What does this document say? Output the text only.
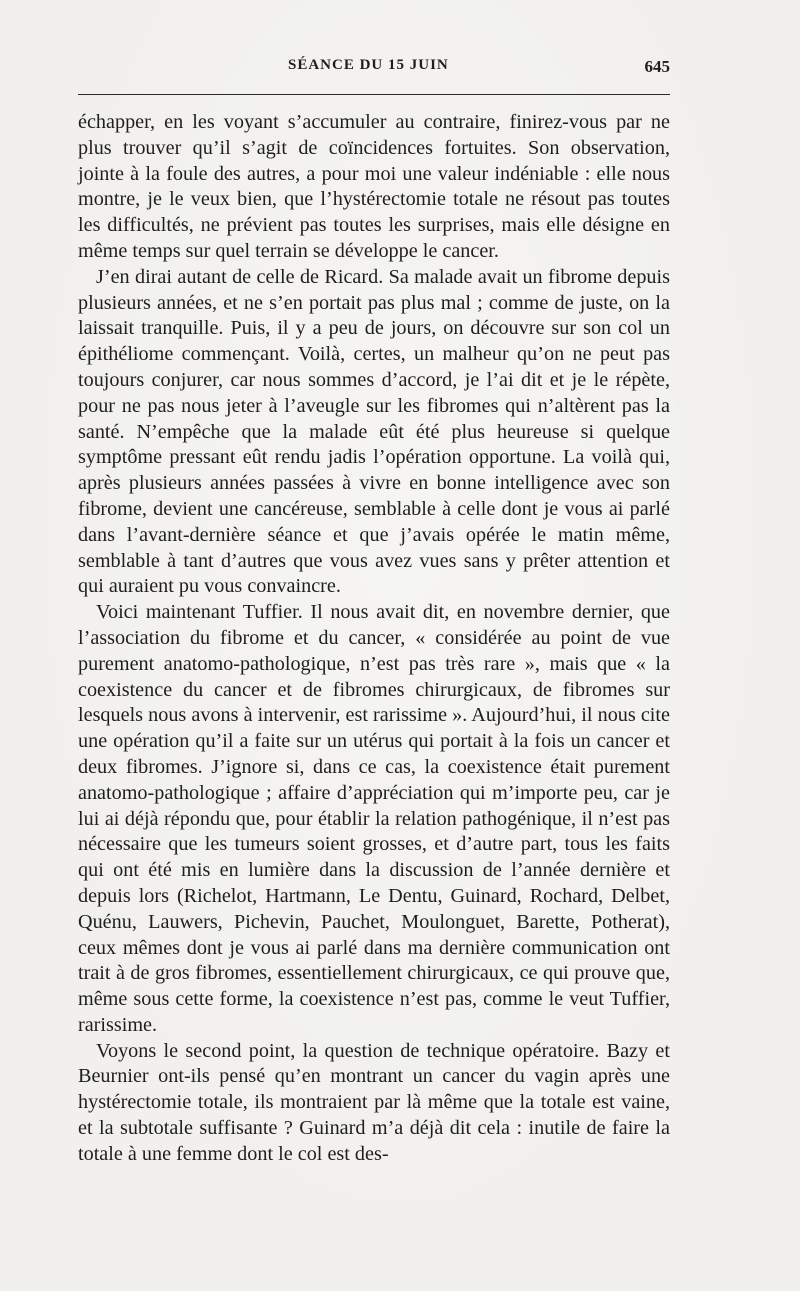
SÉANCE DU 15 JUIN	645

échapper, en les voyant s’accumuler au contraire, finirez-vous par ne plus trouver qu’il s’agit de coïncidences fortuites. Son observation, jointe à la foule des autres, a pour moi une valeur indéniable : elle nous montre, je le veux bien, que l’hystérectomie totale ne résout pas toutes les difficultés, ne prévient pas toutes les surprises, mais elle désigne en même temps sur quel terrain se développe le cancer.

J’en dirai autant de celle de Ricard. Sa malade avait un fibrome depuis plusieurs années, et ne s’en portait pas plus mal ; comme de juste, on la laissait tranquille. Puis, il y a peu de jours, on découvre sur son col un épithéliome commençant. Voilà, certes, un malheur qu’on ne peut pas toujours conjurer, car nous sommes d’accord, je l’ai dit et je le répète, pour ne pas nous jeter à l’aveugle sur les fibromes qui n’altèrent pas la santé. N’empêche que la malade eût été plus heureuse si quelque symptôme pressant eût rendu jadis l’opération opportune. La voilà qui, après plusieurs années passées à vivre en bonne intelligence avec son fibrome, devient une cancéreuse, semblable à celle dont je vous ai parlé dans l’avant-dernière séance et que j’avais opérée le matin même, semblable à tant d’autres que vous avez vues sans y prêter attention et qui auraient pu vous convaincre.

Voici maintenant Tuffier. Il nous avait dit, en novembre dernier, que l’association du fibrome et du cancer, « considérée au point de vue purement anatomo-pathologique, n’est pas très rare », mais que « la coexistence du cancer et de fibromes chirurgicaux, de fibromes sur lesquels nous avons à intervenir, est rarissime ». Aujourd’hui, il nous cite une opération qu’il a faite sur un utérus qui portait à la fois un cancer et deux fibromes. J’ignore si, dans ce cas, la coexistence était purement anatomo-pathologique ; affaire d’appréciation qui m’importe peu, car je lui ai déjà répondu que, pour établir la relation pathogénique, il n’est pas nécessaire que les tumeurs soient grosses, et d’autre part, tous les faits qui ont été mis en lumière dans la discussion de l’année dernière et depuis lors (Richelot, Hartmann, Le Dentu, Guinard, Rochard, Delbet, Quénu, Lauwers, Pichevin, Pauchet, Moulonguet, Barette, Potherat), ceux mêmes dont je vous ai parlé dans ma dernière communication ont trait à de gros fibromes, essentiellement chirurgicaux, ce qui prouve que, même sous cette forme, la coexistence n’est pas, comme le veut Tuffier, rarissime.

Voyons le second point, la question de technique opératoire. Bazy et Beurnier ont-ils pensé qu’en montrant un cancer du vagin après une hystérectomie totale, ils montraient par là même que la totale est vaine, et la subtotale suffisante ? Guinard m’a déjà dit cela : inutile de faire la totale à une femme dont le col est des-
